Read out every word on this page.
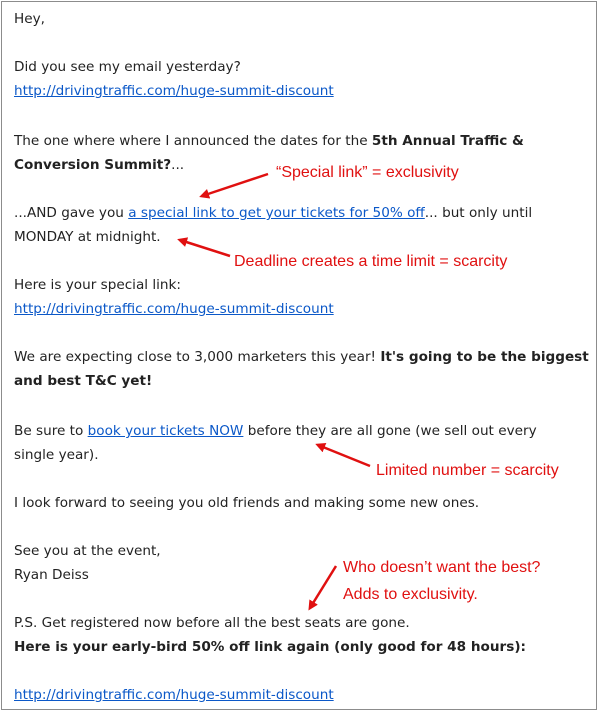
Hey,
Did you see my email yesterday?
http://drivingtraffic.com/huge-summit-discount
The one where where I announced the dates for the 5th Annual Traffic &
Conversion Summit?...
...AND gave you a special link to get your tickets for 50% off... but only until
MONDAY at midnight.
Here is your special link:
http://drivingtraffic.com/huge-summit-discount
We are expecting close to 3,000 marketers this year! It's going to be the biggest
and best T&C yet!
Be sure to book your tickets NOW before they are all gone (we sell out every
single year).
I look forward to seeing you old friends and making some new ones.
See you at the event,
Ryan Deiss
P.S. Get registered now before all the best seats are gone.
Here is your early-bird 50% off link again (only good for 48 hours):
http://drivingtraffic.com/huge-summit-discount
“Special link” = exclusivity
Deadline creates a time limit = scarcity
Limited number = scarcity
Who doesn’t want the best?
Adds to exclusivity.
